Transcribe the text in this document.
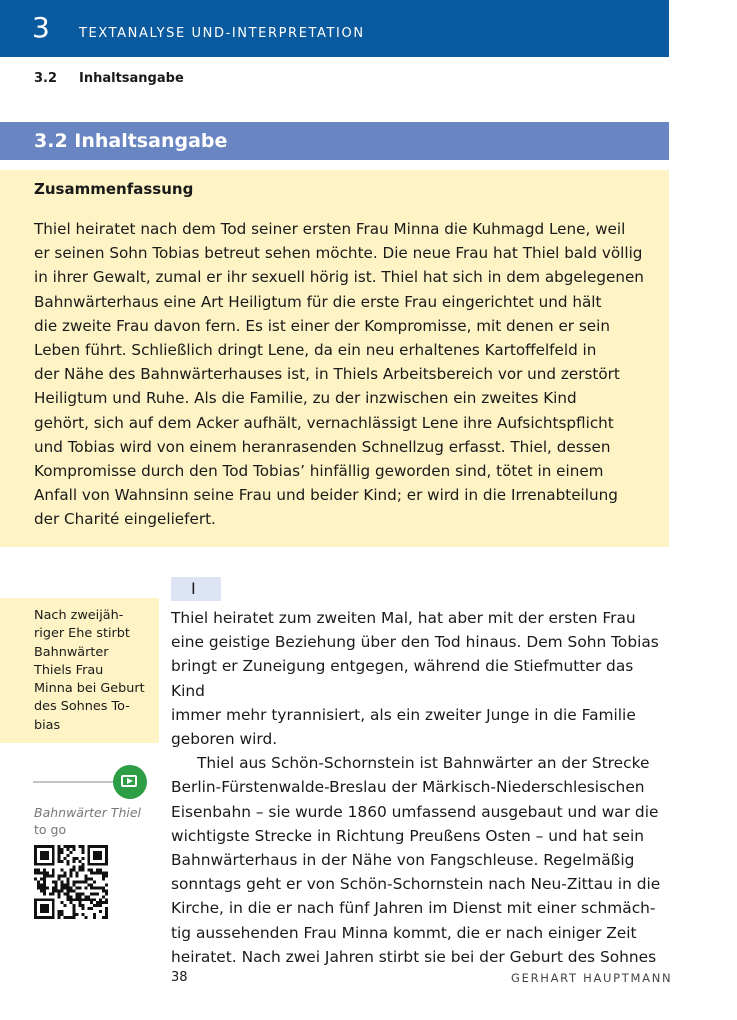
3 TEXTANALYSE UND-INTERPRETATION
3.2 Inhaltsangabe
3.2 Inhaltsangabe
Zusammenfassung
Thiel heiratet nach dem Tod seiner ersten Frau Minna die Kuhmagd Lene, weil
er seinen Sohn Tobias betreut sehen möchte. Die neue Frau hat Thiel bald völlig
in ihrer Gewalt, zumal er ihr sexuell hörig ist. Thiel hat sich in dem abgelegenen
Bahnwärterhaus eine Art Heiligtum für die erste Frau eingerichtet und hält
die zweite Frau davon fern. Es ist einer der Kompromisse, mit denen er sein
Leben führt. Schließlich dringt Lene, da ein neu erhaltenes Kartoffelfeld in
der Nähe des Bahnwärterhauses ist, in Thiels Arbeitsbereich vor und zerstört
Heiligtum und Ruhe. Als die Familie, zu der inzwischen ein zweites Kind
gehört, sich auf dem Acker aufhält, vernachlässigt Lene ihre Aufsichtspflicht
und Tobias wird von einem heranrasenden Schnellzug erfasst. Thiel, dessen
Kompromisse durch den Tod Tobias’ hinfällig geworden sind, tötet in einem
Anfall von Wahnsinn seine Frau und beider Kind; er wird in die Irrenabteilung
der Charité eingeliefert.
I

Nach zweijäh-
riger Ehe stirbt
Bahnwärter
Thiels Frau
Minna bei Geburt
des Sohnes To-
bias

Bahnwärter Thiel to go

Thiel heiratet zum zweiten Mal, hat aber mit der ersten Frau
eine geistige Beziehung über den Tod hinaus. Dem Sohn Tobias
bringt er Zuneigung entgegen, während die Stiefmutter das Kind
immer mehr tyrannisiert, als ein zweiter Junge in die Familie
geboren wird.

Thiel aus Schön-Schornstein ist Bahnwärter an der Strecke
Berlin-Fürstenwalde-Breslau der Märkisch-Niederschlesischen
Eisenbahn – sie wurde 1860 umfassend ausgebaut und war die
wichtigste Strecke in Richtung Preußens Osten – und hat sein
Bahnwärterhaus in der Nähe von Fangschleuse. Regelmäßig
sonntags geht er von Schön-Schornstein nach Neu-Zittau in die
Kirche, in die er nach fünf Jahren im Dienst mit einer schmäch-
tig aussehenden Frau Minna kommt, die er nach einiger Zeit
heiratet. Nach zwei Jahren stirbt sie bei der Geburt des Sohnes

38	GERHART HAUPTMANN
